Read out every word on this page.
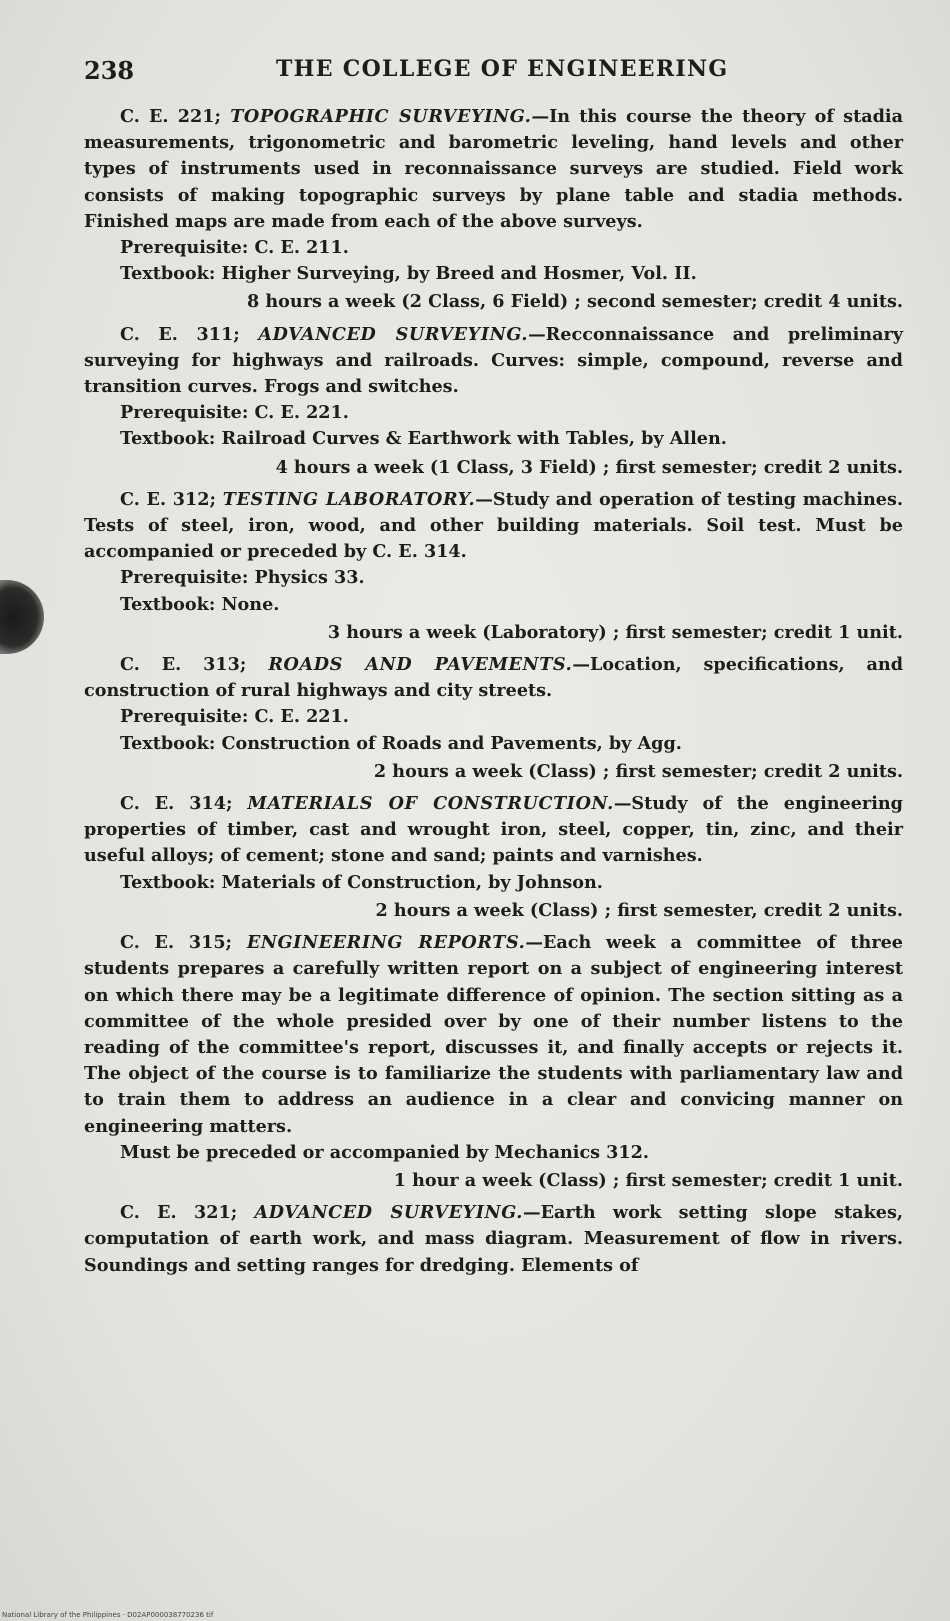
238	THE COLLEGE OF ENGINEERING

C. E. 221; TOPOGRAPHIC SURVEYING.—In this course the theory of stadia measurements, trigonometric and barometric leveling, hand levels and other types of instruments used in reconnaissance surveys are studied. Field work consists of making topographic surveys by plane table and stadia methods. Finished maps are made from each of the above surveys.

Prerequisite: C. E. 211.

Textbook: Higher Surveying, by Breed and Hosmer, Vol. II.

8 hours a week (2 Class, 6 Field) ; second semester; credit 4 units.

C. E. 311; ADVANCED SURVEYING.—Recconnaissance and preliminary surveying for highways and railroads. Curves: simple, compound, reverse and transition curves. Frogs and switches.

Prerequisite: C. E. 221.

Textbook: Railroad Curves & Earthwork with Tables, by Allen.

4 hours a week (1 Class, 3 Field) ; first semester; credit 2 units.

C. E. 312; TESTING LABORATORY.—Study and operation of testing machines. Tests of steel, iron, wood, and other building materials. Soil test. Must be accompanied or preceded by C. E. 314.

Prerequisite: Physics 33.

Textbook: None.

3 hours a week (Laboratory) ; first semester; credit 1 unit.

C. E. 313; ROADS AND PAVEMENTS.—Location, specifications, and construction of rural highways and city streets.

Prerequisite: C. E. 221.

Textbook: Construction of Roads and Pavements, by Agg.

2 hours a week (Class) ; first semester; credit 2 units.

C. E. 314; MATERIALS OF CONSTRUCTION.—Study of the engineering properties of timber, cast and wrought iron, steel, copper, tin, zinc, and their useful alloys; of cement; stone and sand; paints and varnishes.

Textbook: Materials of Construction, by Johnson.

2 hours a week (Class) ; first semester, credit 2 units.

C. E. 315; ENGINEERING REPORTS.—Each week a committee of three students prepares a carefully written report on a subject of engineering interest on which there may be a legitimate difference of opinion. The section sitting as a committee of the whole presided over by one of their number listens to the reading of the committee's report, discusses it, and finally accepts or rejects it. The object of the course is to familiarize the students with parliamentary law and to train them to address an audience in a clear and convicing manner on engineering matters.

Must be preceded or accompanied by Mechanics 312.

1 hour a week (Class) ; first semester; credit 1 unit.

C. E. 321; ADVANCED SURVEYING.—Earth work setting slope stakes, computation of earth work, and mass diagram. Measurement of flow in rivers. Soundings and setting ranges for dredging. Elements of

National Library of the Philippines · D02AP000038770236 tif
